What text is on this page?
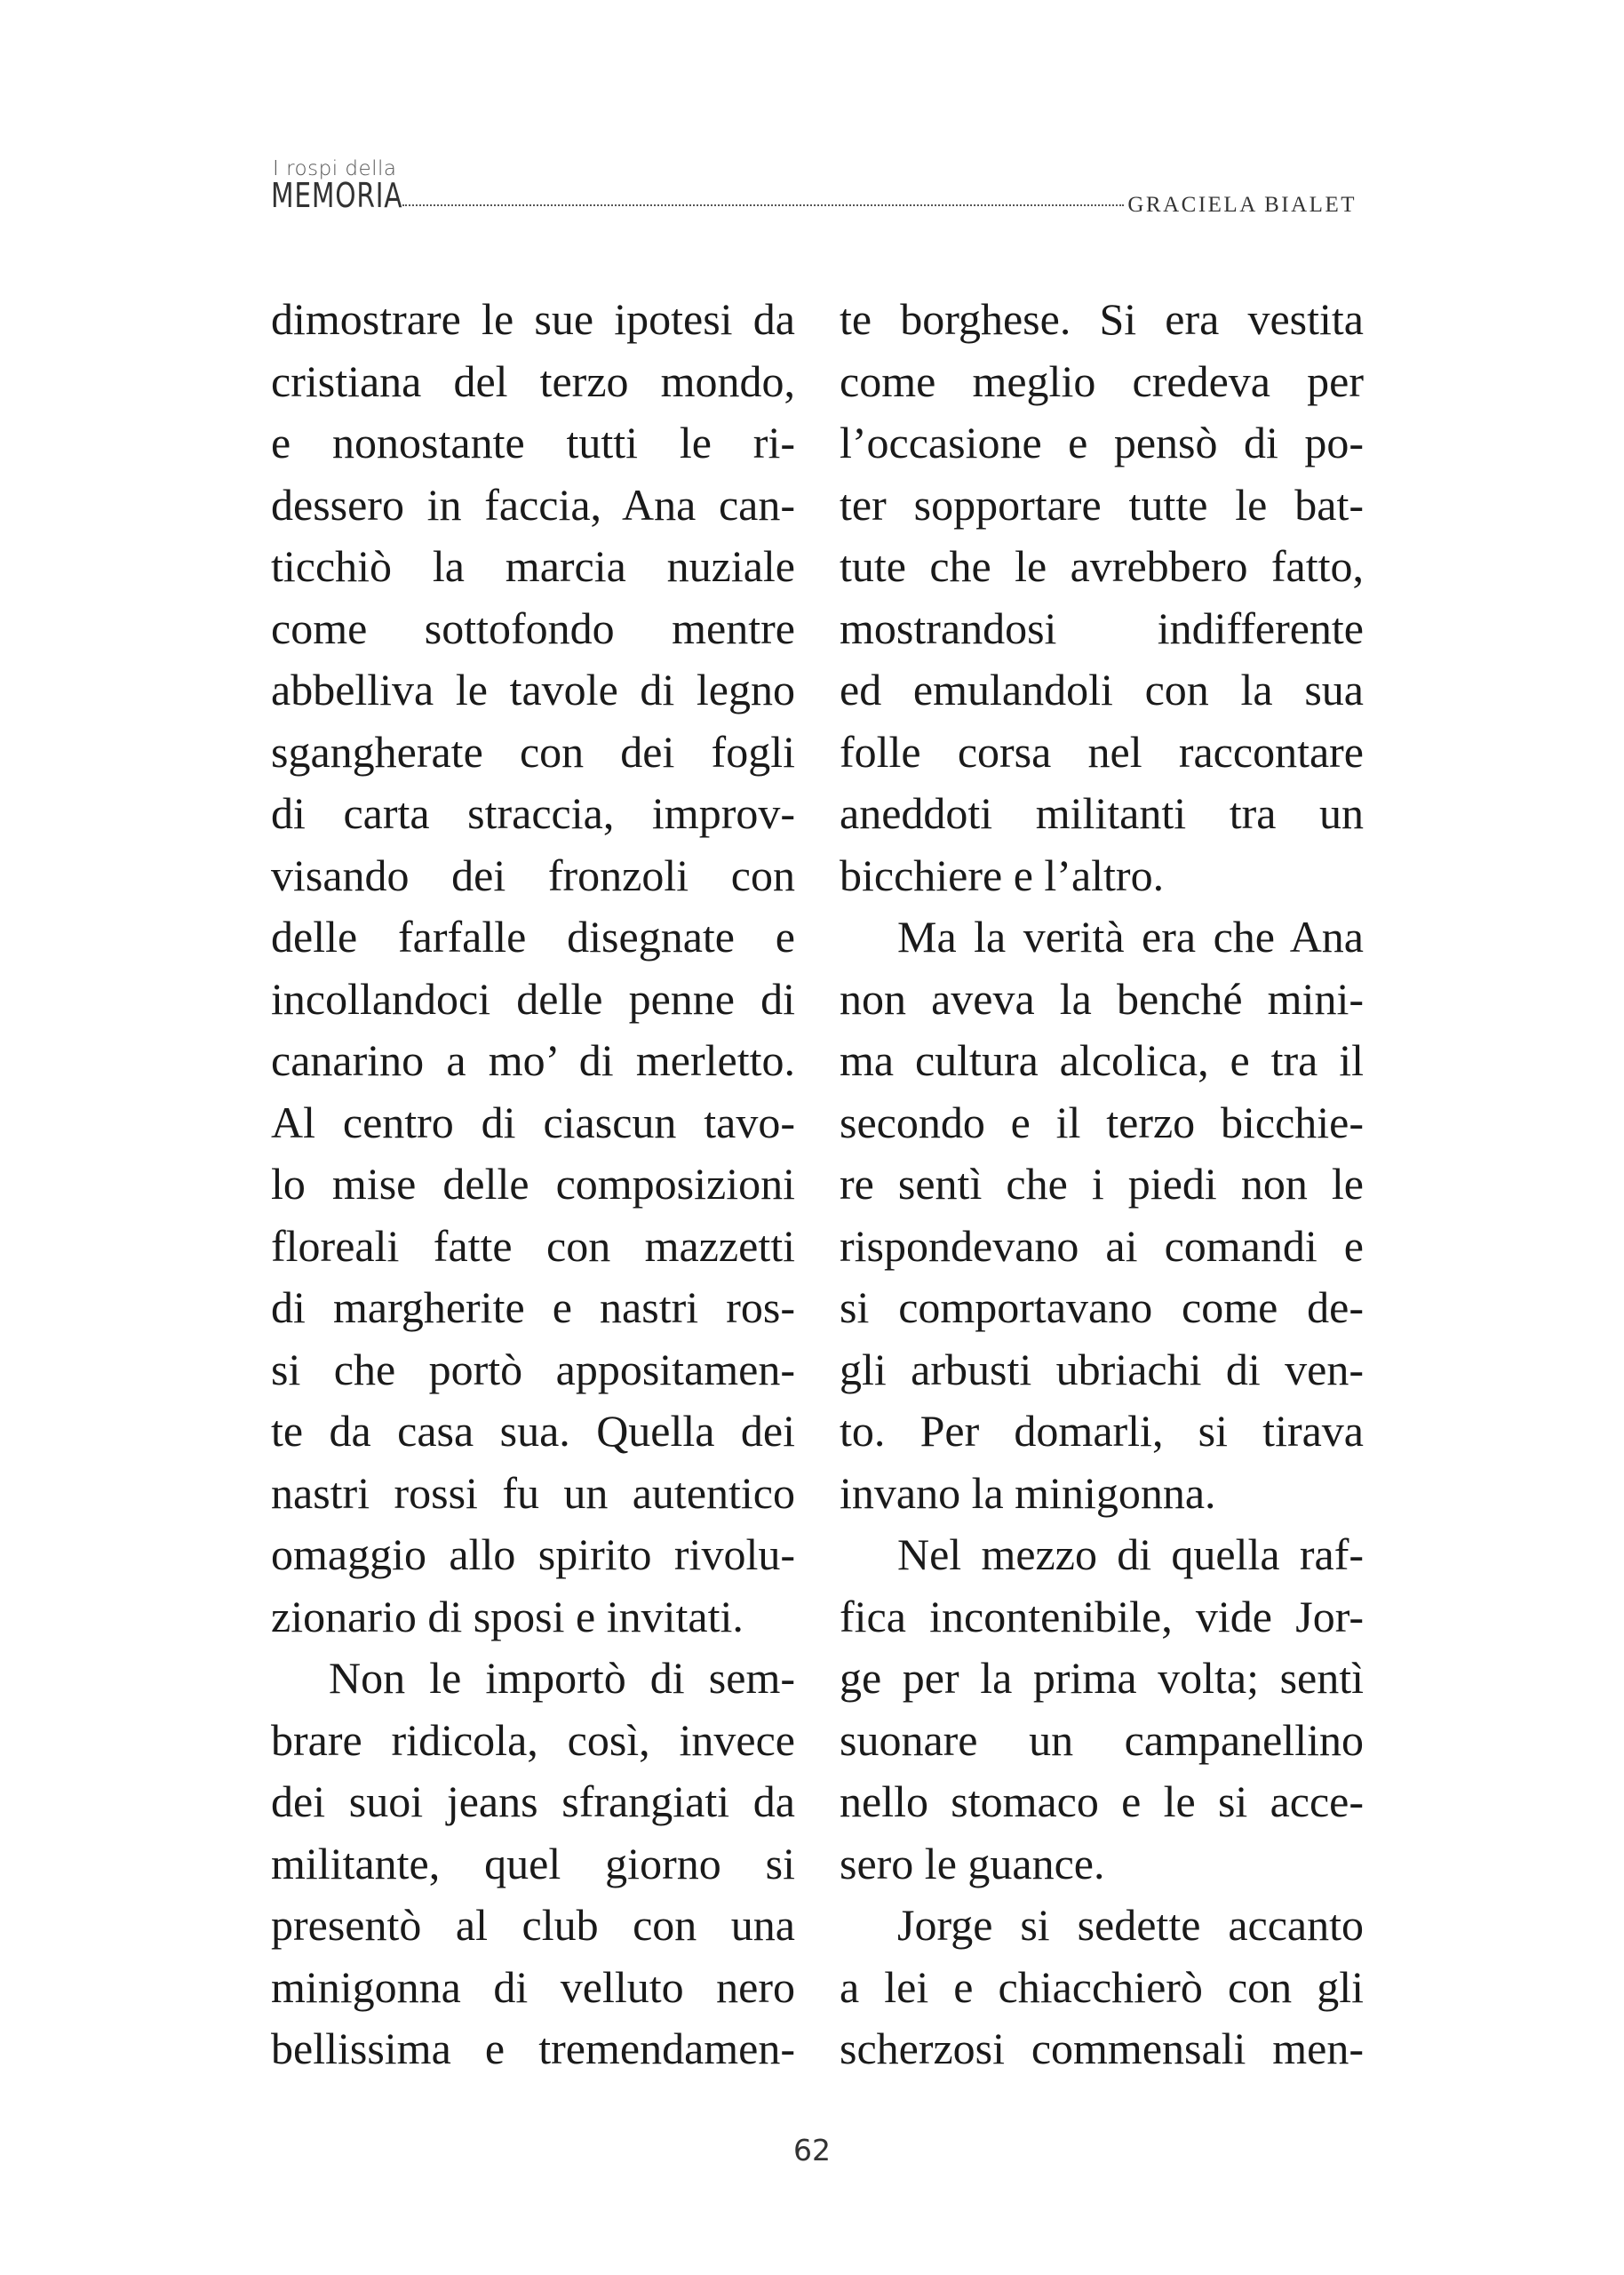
I rospi della
MEMORIA	GRACIELA BIALET
dimostrare le sue ipotesi da
cristiana del terzo mondo,
e nonostante tutti le ri-
dessero in faccia, Ana can-
ticchiò la marcia nuziale
come sottofondo mentre
abbelliva le tavole di legno
sgangherate con dei fogli
di carta straccia, improv-
visando dei fronzoli con
delle farfalle disegnate e
incollandoci delle penne di
canarino a mo’ di merletto.
Al centro di ciascun tavo-
lo mise delle composizioni
floreali fatte con mazzetti
di margherite e nastri ros-
si che portò appositamen-
te da casa sua. Quella dei
nastri rossi fu un autentico
omaggio allo spirito rivolu-
zionario di sposi e invitati.
Non le importò di sem-
brare ridicola, così, invece
dei suoi jeans sfrangiati da
militante, quel giorno si
presentò al club con una
minigonna di velluto nero
bellissima e tremendamen-
te borghese. Si era vestita
come meglio credeva per
l’occasione e pensò di po-
ter sopportare tutte le bat-
tute che le avrebbero fatto,
mostrandosi indifferente
ed emulandoli con la sua
folle corsa nel raccontare
aneddoti militanti tra un
bicchiere e l’altro.
Ma la verità era che Ana
non aveva la benché mini-
ma cultura alcolica, e tra il
secondo e il terzo bicchie-
re sentì che i piedi non le
rispondevano ai comandi e
si comportavano come de-
gli arbusti ubriachi di ven-
to. Per domarli, si tirava
invano la minigonna.
Nel mezzo di quella raf-
fica incontenibile, vide Jor-
ge per la prima volta; sentì
suonare un campanellino
nello stomaco e le si acce-
sero le guance.
Jorge si sedette accanto
a lei e chiacchierò con gli
scherzosi commensali men-
62
